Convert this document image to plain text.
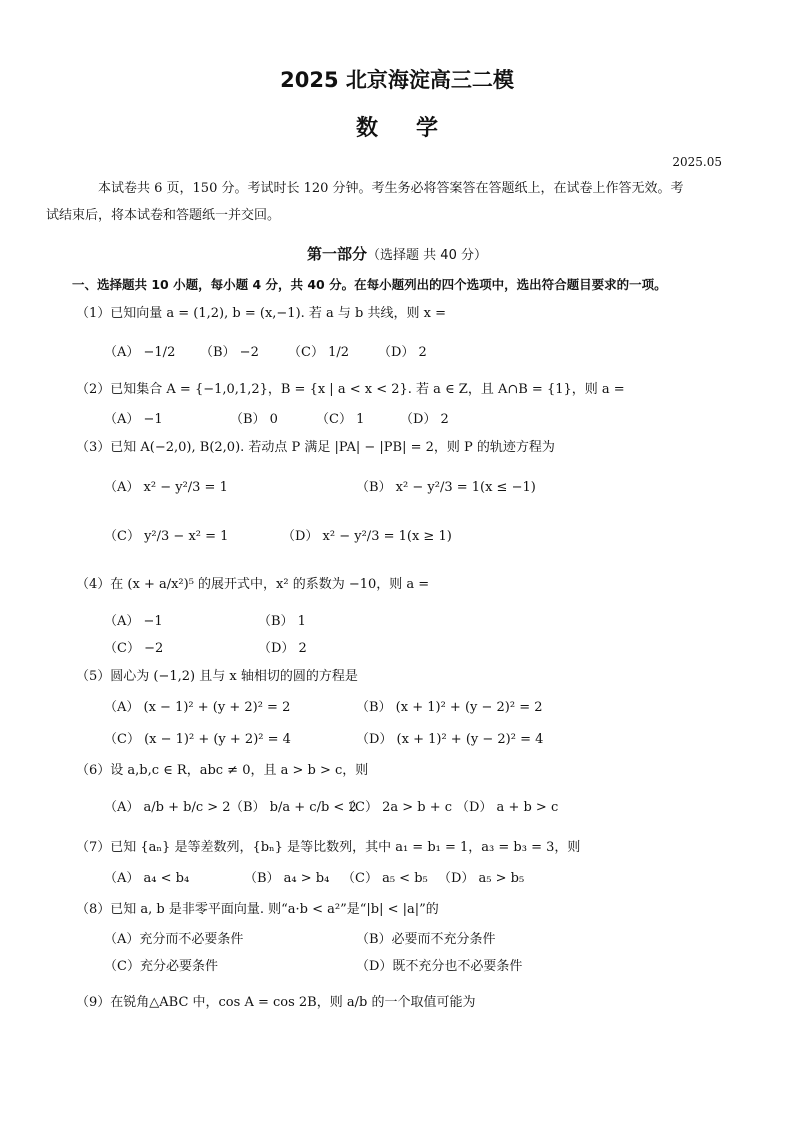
2025 北京海淀高三二模
数学
2025.05
本试卷共 6 页，150 分。考试时长 120 分钟。考生务必将答案答在答题纸上，在试卷上作答无效。考
试结束后，将本试卷和答题纸一并交回。
第一部分（选择题 共 40 分）
一、选择题共 10 小题，每小题 4 分，共 40 分。在每小题列出的四个选项中，选出符合题目要求的一项。
（1）已知向量 a = (1,2), b = (x,−1). 若 a 与 b 共线，则 x =
（A） −1/2 （B） −2 （C） 1/2 （D） 2
（2）已知集合 A = {−1,0,1,2}，B = {x | a < x < 2}. 若 a ∈ Z，且 A∩B = {1}，则 a =
（A） −1	（B） 0	（C） 1	（D） 2
（3）已知 A(−2,0), B(2,0). 若动点 P 满足 |PA| − |PB| = 2，则 P 的轨迹方程为
（A） x² − y²/3 = 1	（B） x² − y²/3 = 1(x ≤ −1)
（C） y²/3 − x² = 1	（D） x² − y²/3 = 1(x ≥ 1)
（4）在 (x + a/x²)⁵ 的展开式中，x² 的系数为 −10，则 a =
（A） −1	（B） 1
（C） −2	（D） 2
（5）圆心为 (−1,2) 且与 x 轴相切的圆的方程是
（A） (x − 1)² + (y + 2)² = 2	（B） (x + 1)² + (y − 2)² = 2
（C） (x − 1)² + (y + 2)² = 4	（D） (x + 1)² + (y − 2)² = 4
（6）设 a,b,c ∈ R，abc ≠ 0，且 a > b > c，则
（A） a/b + b/c > 2 （B） b/a + c/b < 2
（C） 2a > b + c （D） a + b > c
（7）已知 {aₙ} 是等差数列，{bₙ} 是等比数列，其中 a₁ = b₁ = 1，a₃ = b₃ = 3，则
（A） a₄ < b₄	（B） a₄ > b₄ （C） a₅ < b₅ （D） a₅ > b₅
（8）已知 a, b 是非零平面向量. 则“a·b < a²”是“|b| < |a|”的
（A）充分而不必要条件	（B）必要而不充分条件
（C）充分必要条件	（D）既不充分也不必要条件
（9）在锐角△ABC 中，cos A = cos 2B，则 a/b 的一个取值可能为
